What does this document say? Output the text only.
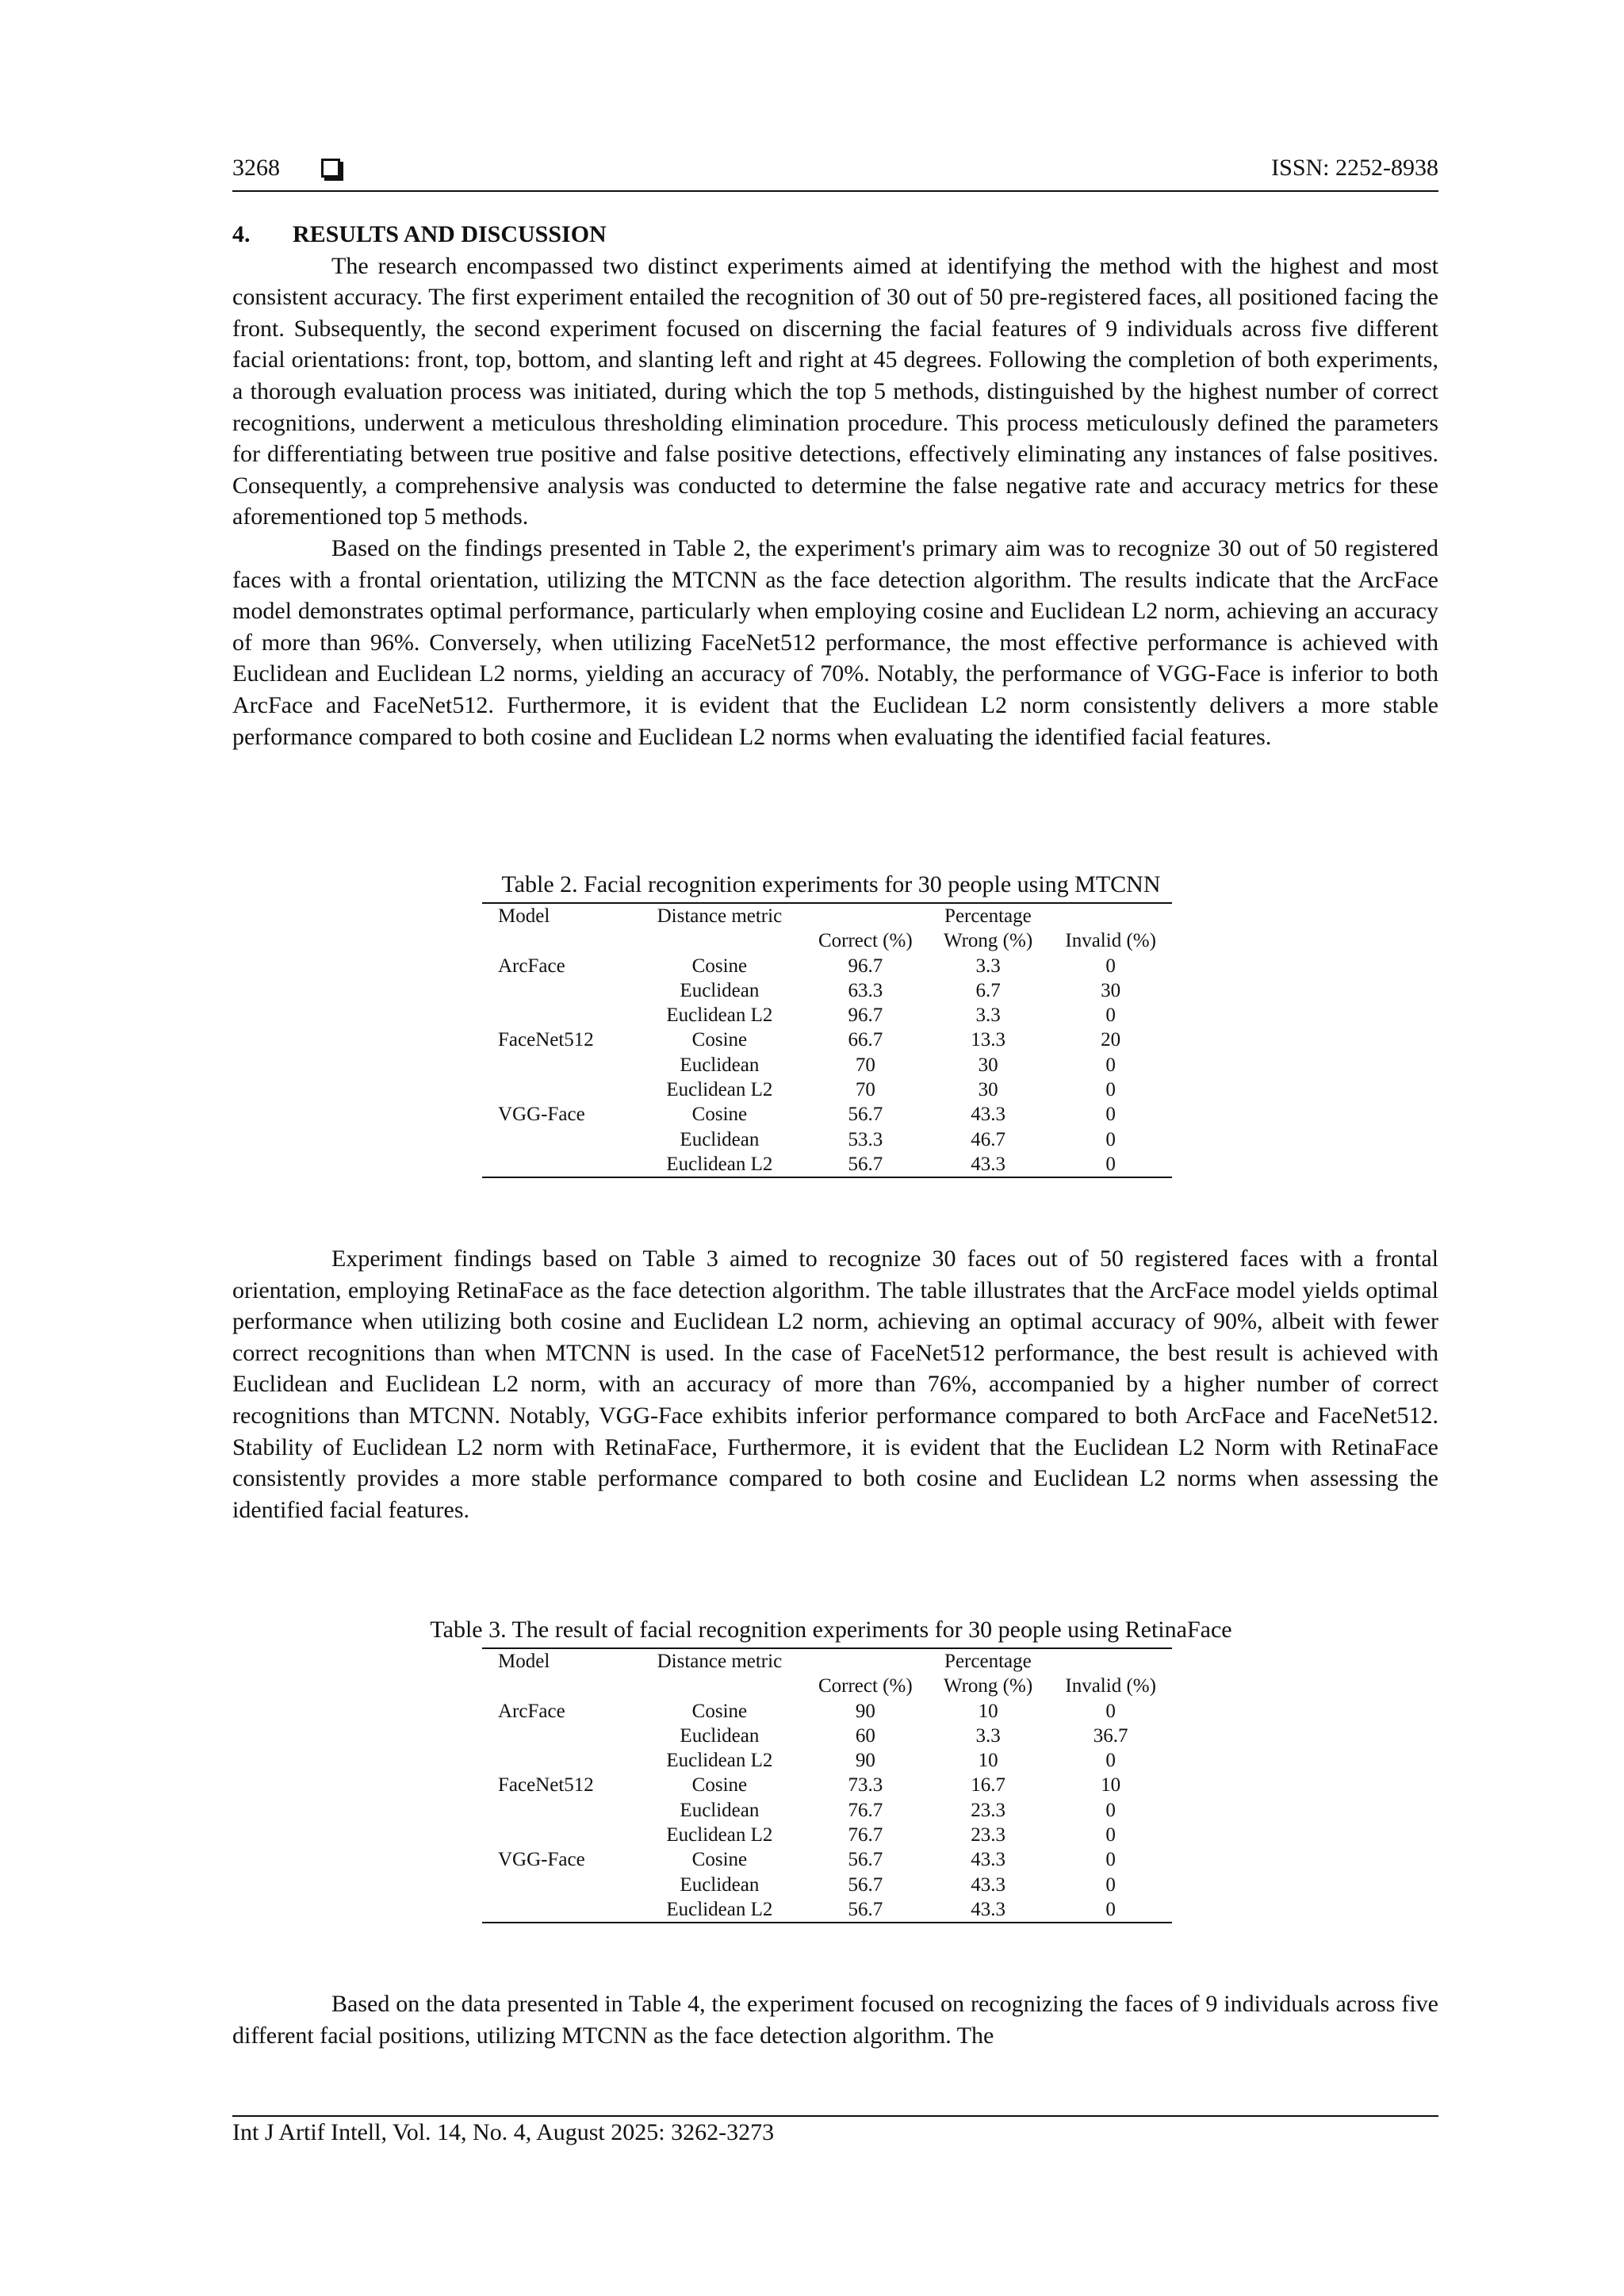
3268	ISSN: 2252-8938
4. RESULTS AND DISCUSSION

The research encompassed two distinct experiments aimed at identifying the method with the highest and most consistent accuracy. The first experiment entailed the recognition of 30 out of 50 pre-registered faces, all positioned facing the front. Subsequently, the second experiment focused on discerning the facial features of 9 individuals across five different facial orientations: front, top, bottom, and slanting left and right at 45 degrees. Following the completion of both experiments, a thorough evaluation process was initiated, during which the top 5 methods, distinguished by the highest number of correct recognitions, underwent a meticulous thresholding elimination procedure. This process meticulously defined the parameters for differentiating between true positive and false positive detections, effectively eliminating any instances of false positives. Consequently, a comprehensive analysis was conducted to determine the false negative rate and accuracy metrics for these aforementioned top 5 methods.

Based on the findings presented in Table 2, the experiment's primary aim was to recognize 30 out of 50 registered faces with a frontal orientation, utilizing the MTCNN as the face detection algorithm. The results indicate that the ArcFace model demonstrates optimal performance, particularly when employing cosine and Euclidean L2 norm, achieving an accuracy of more than 96%. Conversely, when utilizing FaceNet512 performance, the most effective performance is achieved with Euclidean and Euclidean L2 norms, yielding an accuracy of 70%. Notably, the performance of VGG-Face is inferior to both ArcFace and FaceNet512. Furthermore, it is evident that the Euclidean L2 norm consistently delivers a more stable performance compared to both cosine and Euclidean L2 norms when evaluating the identified facial features.

Table 2. Facial recognition experiments for 30 people using MTCNN
Model	Distance metric	Percentage		
		Correct (%)	Wrong (%)	Invalid (%)
ArcFace	Cosine	96.7	3.3	0
	Euclidean	63.3	6.7	30
	Euclidean L2	96.7	3.3	0
FaceNet512	Cosine	66.7	13.3	20
	Euclidean	70	30	0
	Euclidean L2	70	30	0
VGG-Face	Cosine	56.7	43.3	0
	Euclidean	53.3	46.7	0
	Euclidean L2	56.7	43.3	0

Experiment findings based on Table 3 aimed to recognize 30 faces out of 50 registered faces with a frontal orientation, employing RetinaFace as the face detection algorithm. The table illustrates that the ArcFace model yields optimal performance when utilizing both cosine and Euclidean L2 norm, achieving an optimal accuracy of 90%, albeit with fewer correct recognitions than when MTCNN is used. In the case of FaceNet512 performance, the best result is achieved with Euclidean and Euclidean L2 norm, with an accuracy of more than 76%, accompanied by a higher number of correct recognitions than MTCNN. Notably, VGG-Face exhibits inferior performance compared to both ArcFace and FaceNet512. Stability of Euclidean L2 norm with RetinaFace, Furthermore, it is evident that the Euclidean L2 Norm with RetinaFace consistently provides a more stable performance compared to both cosine and Euclidean L2 norms when assessing the identified facial features.

Table 3. The result of facial recognition experiments for 30 people using RetinaFace
Model	Distance metric	Percentage		
		Correct (%)	Wrong (%)	Invalid (%)
ArcFace	Cosine	90	10	0
	Euclidean	60	3.3	36.7
	Euclidean L2	90	10	0
FaceNet512	Cosine	73.3	16.7	10
	Euclidean	76.7	23.3	0
	Euclidean L2	76.7	23.3	0
VGG-Face	Cosine	56.7	43.3	0
	Euclidean	56.7	43.3	0
	Euclidean L2	56.7	43.3	0

Based on the data presented in Table 4, the experiment focused on recognizing the faces of 9 individuals across five different facial positions, utilizing MTCNN as the face detection algorithm. The

Int J Artif Intell, Vol. 14, No. 4, August 2025: 3262-3273
